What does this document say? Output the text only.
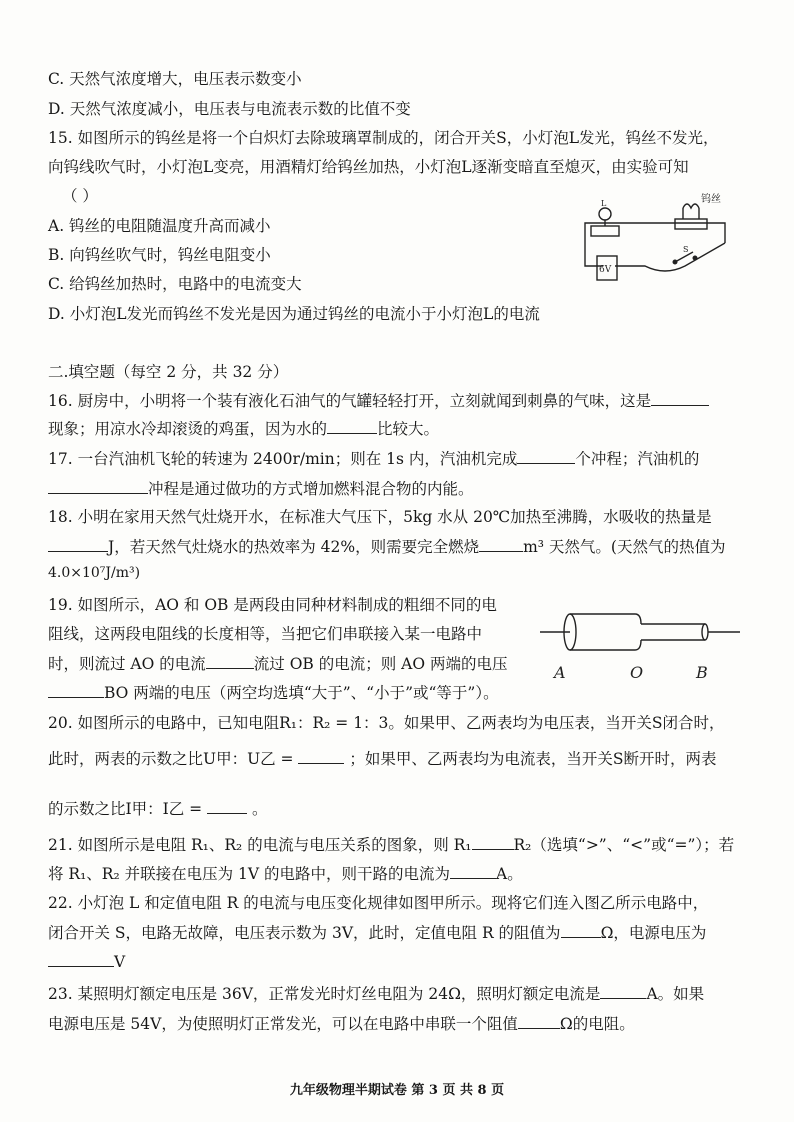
C. 天然气浓度增大，电压表示数变小
D. 天然气浓度减小，电压表与电流表示数的比值不变
15. 如图所示的钨丝是将一个白炽灯去除玻璃罩制成的，闭合开关S，小灯泡L发光，钨丝不发光，
向钨线吹气时，小灯泡L变亮，用酒精灯给钨丝加热，小灯泡L逐渐变暗直至熄灭，由实验可知
（ ）
A. 钨丝的电阻随温度升高而减小
B. 向钨丝吹气时，钨丝电阻变小
C. 给钨丝加热时，电路中的电流变大
D. 小灯泡L发光而钨丝不发光是因为通过钨丝的电流小于小灯泡L的电流
钨丝
6V
L
S
二.填空题（每空 2 分，共 32 分）
16. 厨房中，小明将一个装有液化石油气的气罐轻轻打开，立刻就闻到刺鼻的气味，这是
现象；用凉水冷却滚烫的鸡蛋，因为水的	比较大。
17. 一台汽油机飞轮的转速为 2400r/min；则在 1s 内，汽油机完成	个冲程；汽油机的
冲程是通过做功的方式增加燃料混合物的内能。
18. 小明在家用天然气灶烧开水，在标准大气压下，5kg 水从 20℃加热至沸腾，水吸收的热量是
J，若天然气灶烧水的热效率为 42%，则需要完全燃烧	m³ 天然气。(天然气的热值为
4.0×10⁷J/m³)
19. 如图所示，AO 和 OB 是两段由同种材料制成的粗细不同的电
阻线，这两段电阻线的长度相等，当把它们串联接入某一电路中
时，则流过 AO 的电流	流过 OB 的电流；则 AO 两端的电压
BO 两端的电压（两空均选填“大于”、“小于”或“等于”）。
A	O	B
20. 如图所示的电路中，已知电阻R₁：R₂ = 1：3。如果甲、乙两表均为电压表，当开关S闭合时，
此时，两表的示数之比U甲：U乙 =	；如果甲、乙两表均为电流表，当开关S断开时，两表
的示数之比I甲：I乙 =	。
21. 如图所示是电阻 R₁、R₂ 的电流与电压关系的图象，则 R₁	R₂（选填“>”、“<”或“=”）；若
将 R₁、R₂ 并联接在电压为 1V 的电路中，则干路的电流为	A。
22. 小灯泡 L 和定值电阻 R 的电流与电压变化规律如图甲所示。现将它们连入图乙所示电路中，
闭合开关 S，电路无故障，电压表示数为 3V，此时，定值电阻 R 的阻值为	Ω，电源电压为
V
23. 某照明灯额定电压是 36V，正常发光时灯丝电阻为 24Ω，照明灯额定电流是	A。如果
电源电压是 54V，为使照明灯正常发光，可以在电路中串联一个阻值	Ω的电阻。
九年级物理半期试卷 第 3 页 共 8 页
